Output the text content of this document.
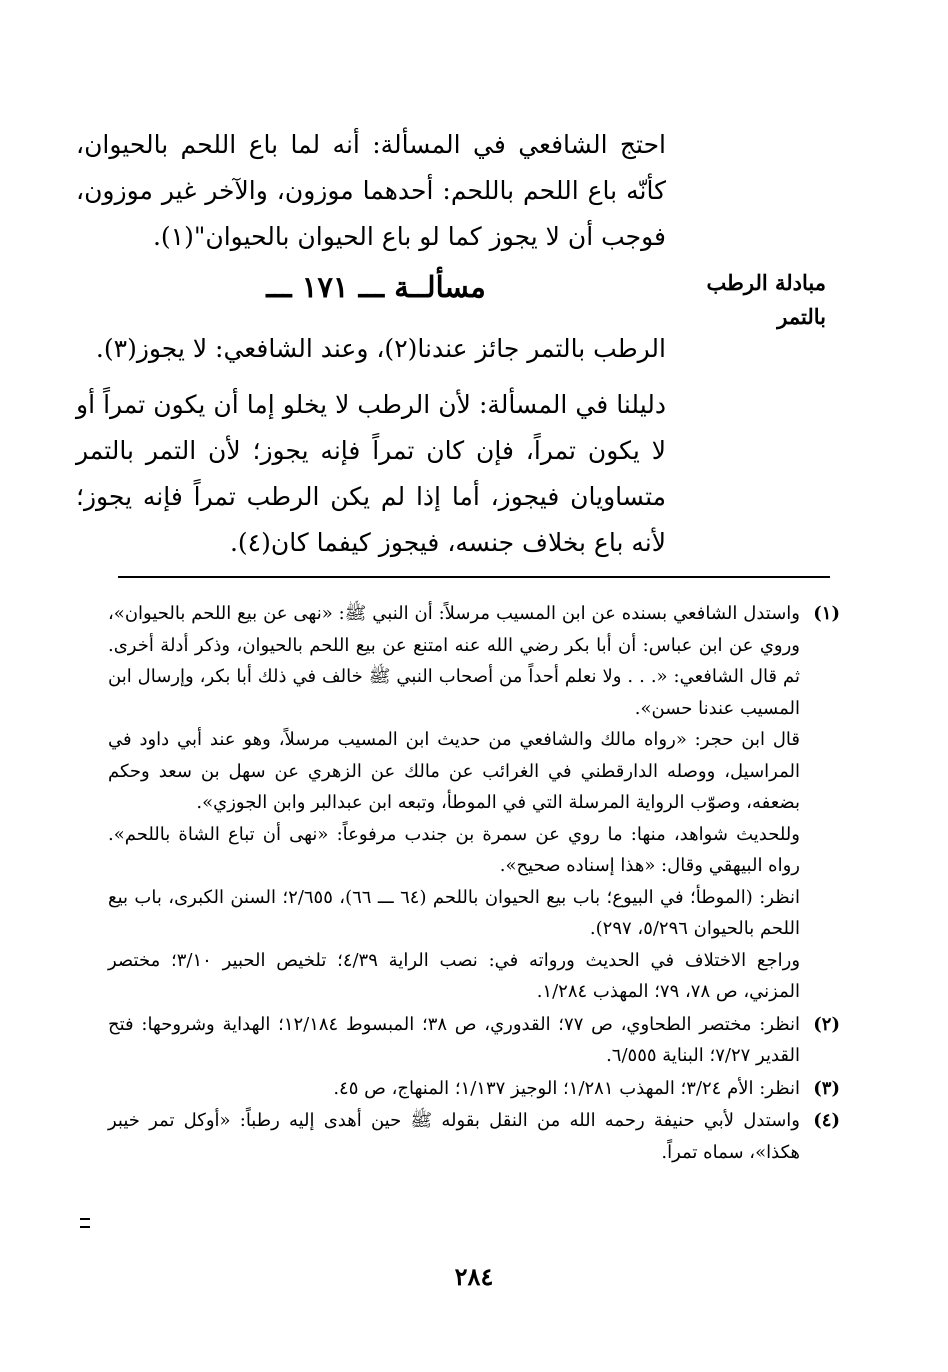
احتج الشافعي في المسألة: أنه لما باع اللحم بالحيوان، كأنّه باع اللحم باللحم: أحدهما موزون، والآخر غير موزون، فوجب أن لا يجوز كما لو باع الحيوان بالحيوان"(١).

مبادلة الرطب بالتمر
مسألــة ـــ ١٧١ ـــ

الرطب بالتمر جائز عندنا(٢)، وعند الشافعي: لا يجوز(٣).

دليلنا في المسألة: لأن الرطب لا يخلو إما أن يكون تمراً أو لا يكون تمراً، فإن كان تمراً فإنه يجوز؛ لأن التمر بالتمر متساويان فيجوز، أما إذا لم يكن الرطب تمراً فإنه يجوز؛ لأنه باع بخلاف جنسه، فيجوز كيفما كان(٤).

(١)

واستدل الشافعي بسنده عن ابن المسيب مرسلاً: أن النبي ﷺ: «نهى عن بيع اللحم بالحيوان»، وروي عن ابن عباس: أن أبا بكر رضي الله عنه امتنع عن بيع اللحم بالحيوان، وذكر أدلة أخرى. ثم قال الشافعي: «. . . ولا نعلم أحداً من أصحاب النبي ﷺ خالف في ذلك أبا بكر، وإرسال ابن المسيب عندنا حسن».

قال ابن حجر: «رواه مالك والشافعي من حديث ابن المسيب مرسلاً، وهو عند أبي داود في المراسيل، ووصله الدارقطني في الغرائب عن مالك عن الزهري عن سهل بن سعد وحكم بضعفه، وصوّب الرواية المرسلة التي في الموطأ، وتبعه ابن عبدالبر وابن الجوزي».

وللحديث شواهد، منها: ما روي عن سمرة بن جندب مرفوعاً: «نهى أن تباع الشاة باللحم». رواه البيهقي وقال: «هذا إسناده صحيح».

انظر: (الموطأ؛ في البيوع؛ باب بيع الحيوان باللحم (٦٤ ـــ ٦٦)، ٢/٦٥٥؛ السنن الكبرى، باب بيع اللحم بالحيوان ٥/٢٩٦، ٢٩٧).

وراجع الاختلاف في الحديث ورواته في: نصب الراية ٤/٣٩؛ تلخيص الحبير ٣/١٠؛ مختصر المزني، ص ٧٨، ٧٩؛ المهذب ١/٢٨٤.

(٢)

انظر: مختصر الطحاوي، ص ٧٧؛ القدوري، ص ٣٨؛ المبسوط ١٢/١٨٤؛ الهداية وشروحها: فتح القدير ٧/٢٧؛ البناية ٦/٥٥٥.

(٣)

انظر: الأم ٣/٢٤؛ المهذب ١/٢٨١؛ الوجيز ١/١٣٧؛ المنهاج، ص ٤٥.

(٤)

واستدل لأبي حنيفة رحمه الله من النقل بقوله ﷺ حين أهدى إليه رطباً: «أوكل تمر خيبر هكذا»، سماه تمراً.

٢٨٤
